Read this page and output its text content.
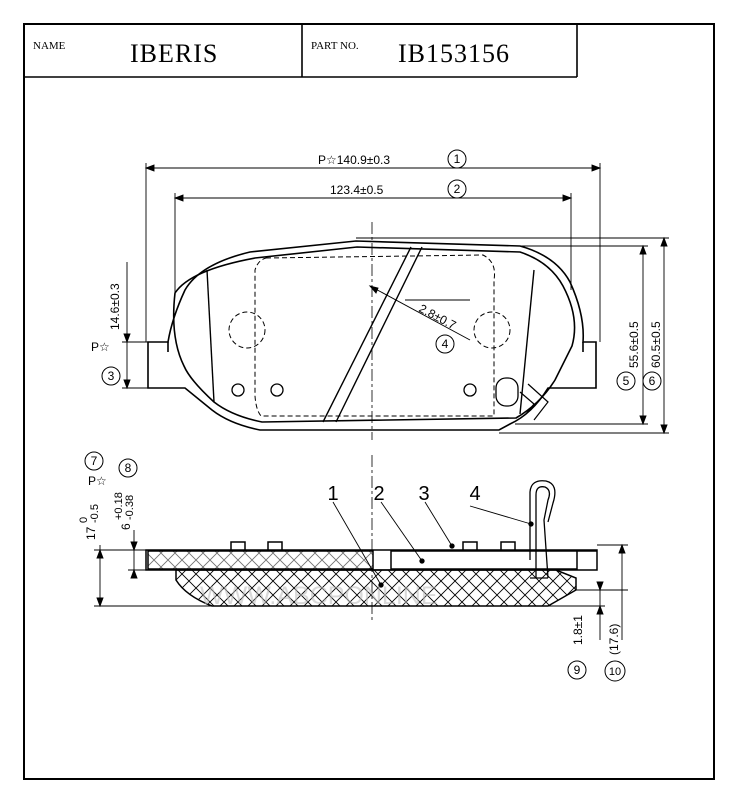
NAME IBERIS	PART NO. IB153156
P☆140.9±0.3	1
123.4±0.5	2
14.6±0.3
P☆
3
2.8±0.7
4	55.6±0.5
5
60.5±0.5
6
1 2 3 4
7 8
P☆
17
0 -0.5
6
+0.18 -0.38
1.8±1
9
(17.6)
10
WWW.ABCPONLINE
